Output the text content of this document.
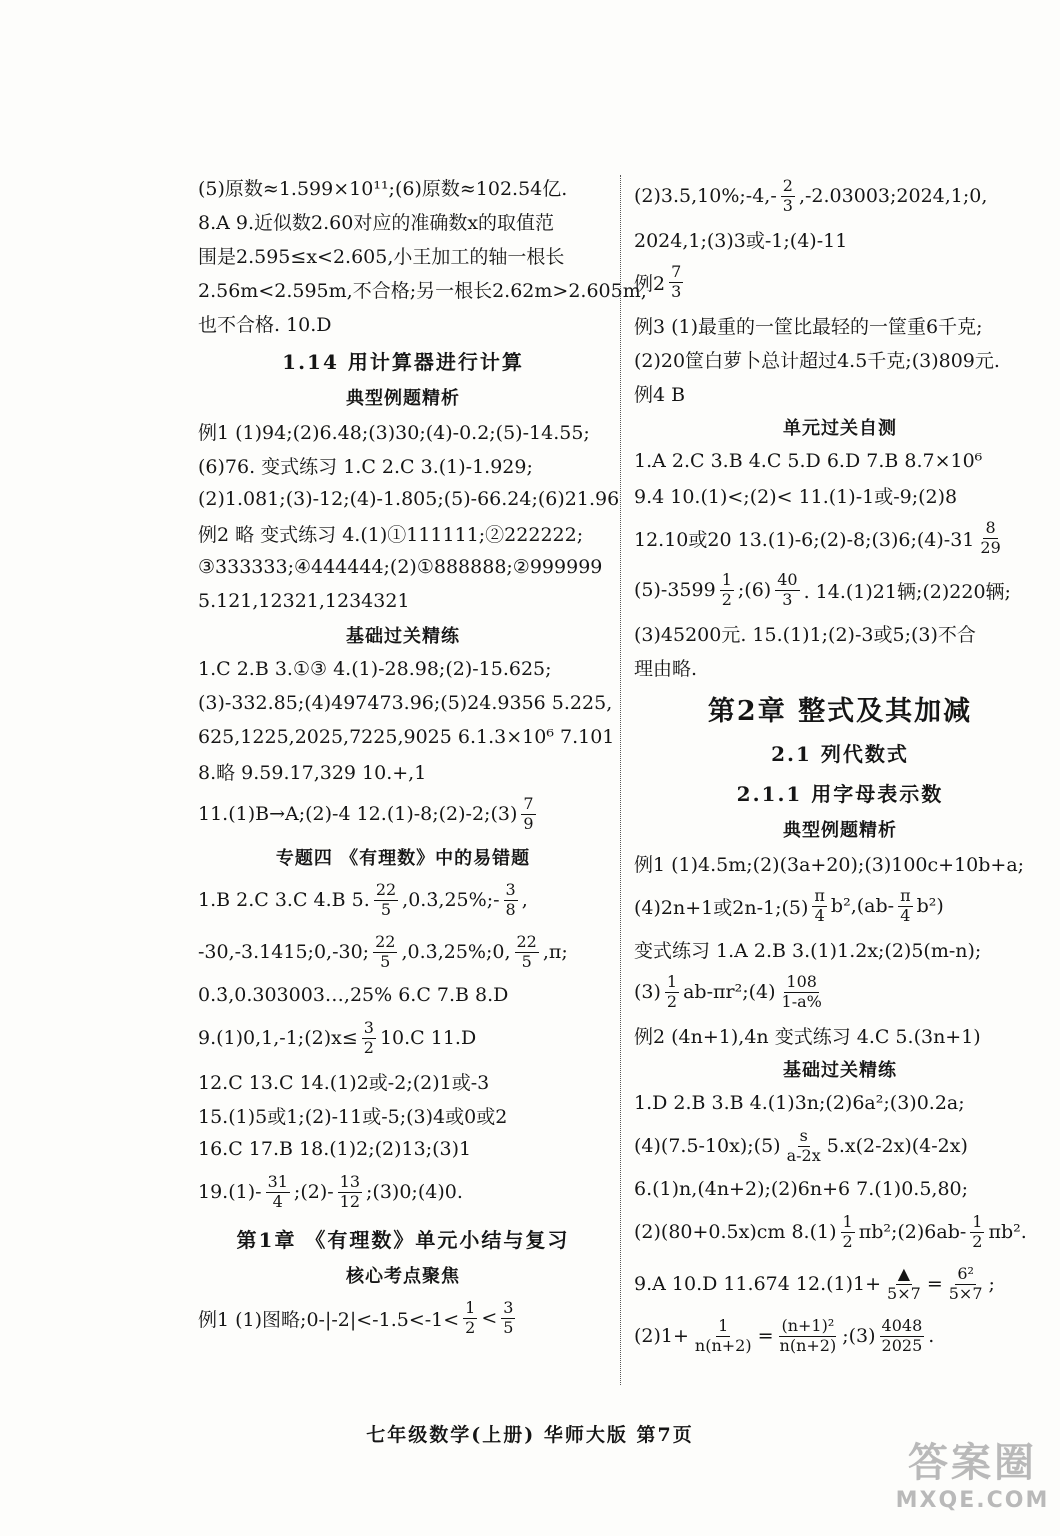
(5)原数≈1.599×10¹¹;(6)原数≈102.54亿.
8.A 9.近似数2.60对应的准确数x的取值范
围是2.595≤x<2.605,小王加工的轴一根长
2.56m<2.595m,不合格;另一根长2.62m>2.605m,
也不合格. 10.D
1.14 用计算器进行计算
典型例题精析
例1 (1)94;(2)6.48;(3)30;(4)-0.2;(5)-14.55;
(6)76. 变式练习 1.C 2.C 3.(1)-1.929;
(2)1.081;(3)-12;(4)-1.805;(5)-66.24;(6)21.96
例2 略 变式练习 4.(1)①111111;②222222;
③333333;④444444;(2)①888888;②999999
5.121,12321,1234321
基础过关精练
1.C 2.B 3.①③ 4.(1)-28.98;(2)-15.625;
(3)-332.85;(4)497473.96;(5)24.9356 5.225,
625,1225,2025,7225,9025 6.1.3×10⁶ 7.101
8.略 9.59.17,329 10.+,1
11.(1)B→A;(2)-4 12.(1)-8;(2)-2;(3) $\frac{7}{9}$
专题四 《有理数》中的易错题
1.B 2.C 3.C 4.B 5. $\frac{22}{5}$ ,0.3̇,25%;- $\frac{3}{8}$ ,
-30,-3.1415;0,-30; $\frac{22}{5}$ ,0.3̇,25%;0, $\frac{22}{5} ,\pi$;
0.3̇,0.303003…,25% 6.C 7.B 8.D
9.(1)0,1,-1;(2)x≤ $\frac{3}{2} 10.C$ 11.D
12.C 13.C 14.(1)2或-2;(2)1或-3
15.(1)5或1;(2)-11或-5;(3)4或0或2
16.C 17.B 18.(1)2;(2)13;(3)1
$19.(1)- \frac{31}{4}$ ;(2)- $\frac{13}{12}$ ;(3)0;(4)0.
第1章 《有理数》单元小结与复习
核心考点聚焦
例1 (1)图略;0-|-2|<-1.5<-1< $\frac{1}{2} < \frac{3}{5}$
(2)3.5,10%;-4,- $\frac{2}{3}$ ,-2.03003;2024,1;0,
2024,1;(3)3或-1;(4)-11
例$2 \frac{7}{3}$
例3 (1)最重的一筐比最轻的一筐重6千克;
(2)20筐白萝卜总计超过4.5千克;(3)809元.
例4 B
单元过关自测
1.A 2.C 3.B 4.C 5.D 6.D 7.B 8.7×10⁶
9.4 10.(1)<;(2)< 11.(1)-1或-9;(2)8
12.10或20 13.(1)-6;(2)-8;(3)6;(4)-31 $\frac{8}{29}$
$(5)-3599 \frac{1}{2}$ ;(6) $\frac{40}{3}$ . 14.(1)21辆;(2)220辆;
(3)45200元. 15.(1)1;(2)-3或5;(3)不合
理由略.
第2章 整式及其加减
2.1 列代数式
2.1.1 用字母表示数
典型例题精析
例1 (1)4.5m;(2)(3a+20);(3)100c+10b+a;
(4)2n+1或2n-1;(5) $\frac{\pi}{4} b^2,(ab- \frac{\pi}{4} b^2)$
变式练习 1.A 2.B 3.(1)1.2x;(2)5(m-n);
$(3) \frac{1}{2}$ ab-πr²;(4) $\frac{108}{1-a\%}$
例2 (4n+1),4n 变式练习 4.C 5.(3n+1)
基础过关精练
1.D 2.B 3.B 4.(1)3n;(2)6a²;(3)0.2a;
(4)(7.5-10x);(5) $\frac{s}{a-2x} 5.x(2-2x)(4-2x)$
6.(1)n,(4n+2);(2)6n+6 7.(1)0.5,80;
(2)(80+0.5x)cm $8.(1) \frac{1}{2}$ πb²;(2)6ab- $\frac{1}{2} \pi b^2$.
9.A 10.D 11.674 $12.(1)1+ \frac{▲}{5\times 7} = \frac{\text{6²}}{5\times 7}$ ;
$(2)1+ \frac{1}{n(n+2)} = \frac{\text{(n+1)²}}{n(n+2)}$ ;(3) $\frac{4048}{2025}$ .
七年级数学(上册) 华师大版 第7页
答案圈
MXQE.COM
